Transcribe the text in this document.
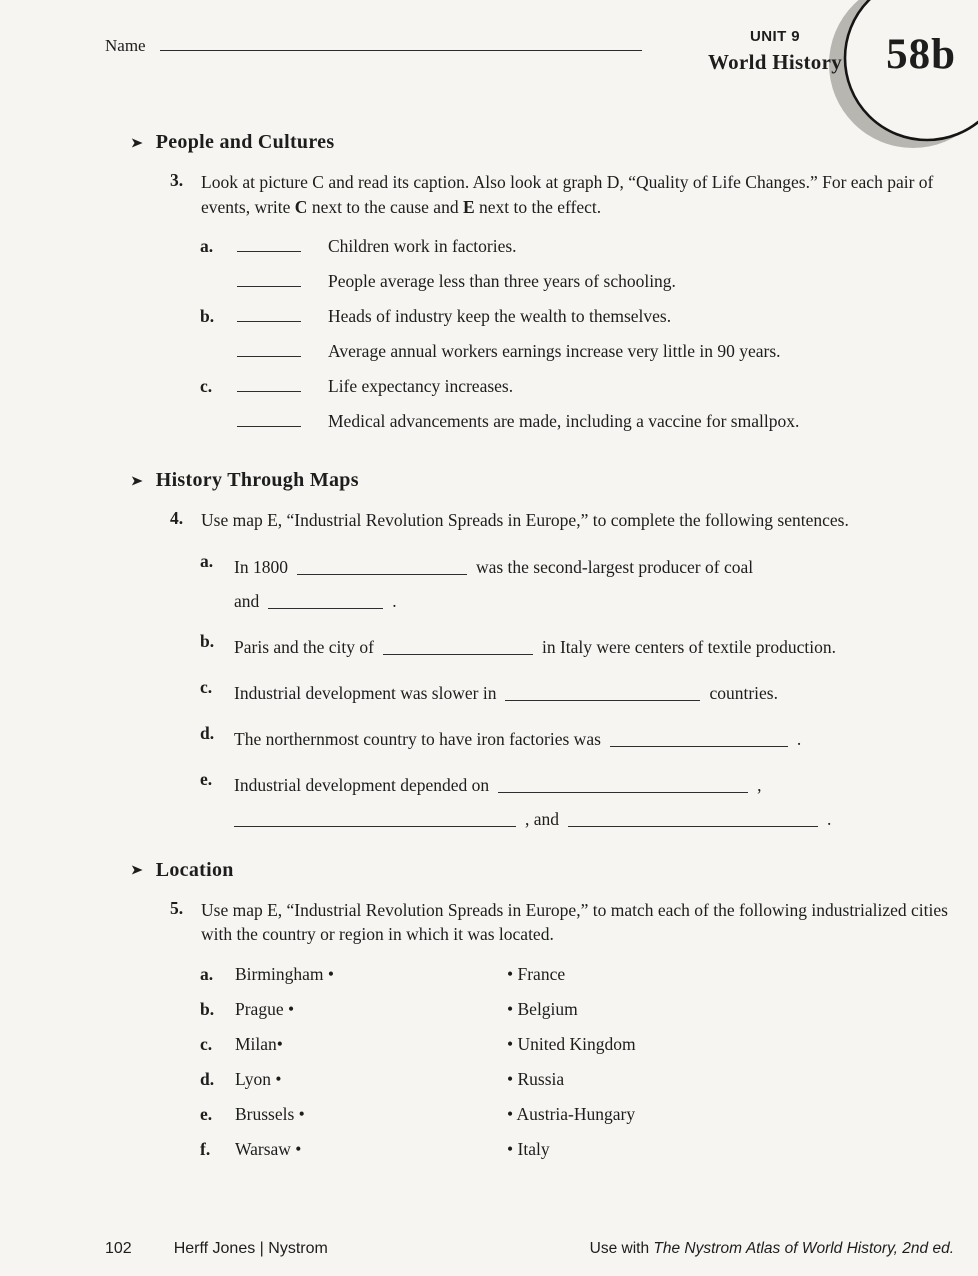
Name	UNIT 9
World History 58b
➤ People and Cultures
3.	Look at picture C and read its caption. Also look at graph D, “Quality of Life Changes.” For each pair of events, write C next to the cause and E next to the effect.

a.	Children work in factories.
People average less than three years of schooling.
b.	Heads of industry keep the wealth to themselves.
Average annual workers earnings increase very little in 90 years.
c.	Life expectancy increases.
Medical advancements are made, including a vaccine for smallpox.
➤ History Through Maps
4.	Use map E, “Industrial Revolution Spreads in Europe,” to complete the following sentences.

a.	In 1800	was the second-largest producer of coal
and	.
b.	Paris and the city of	in Italy were centers of textile production.
c.	Industrial development was slower in	countries.
d.	The northernmost country to have iron factories was	.
e.	Industrial development depended on	,
, and	.
➤ Location
5.	Use map E, “Industrial Revolution Spreads in Europe,” to match each of the following industrialized cities with the country or region in which it was located.

a.	Birmingham •	• France
b.	Prague •	• Belgium
c.	Milan•	• United Kingdom
d.	Lyon •	• Russia
e.	Brussels •	• Austria-Hungary
f.	Warsaw •	• Italy
102	Herff Jones | Nystrom	Use with The Nystrom Atlas of World History, 2nd ed.
